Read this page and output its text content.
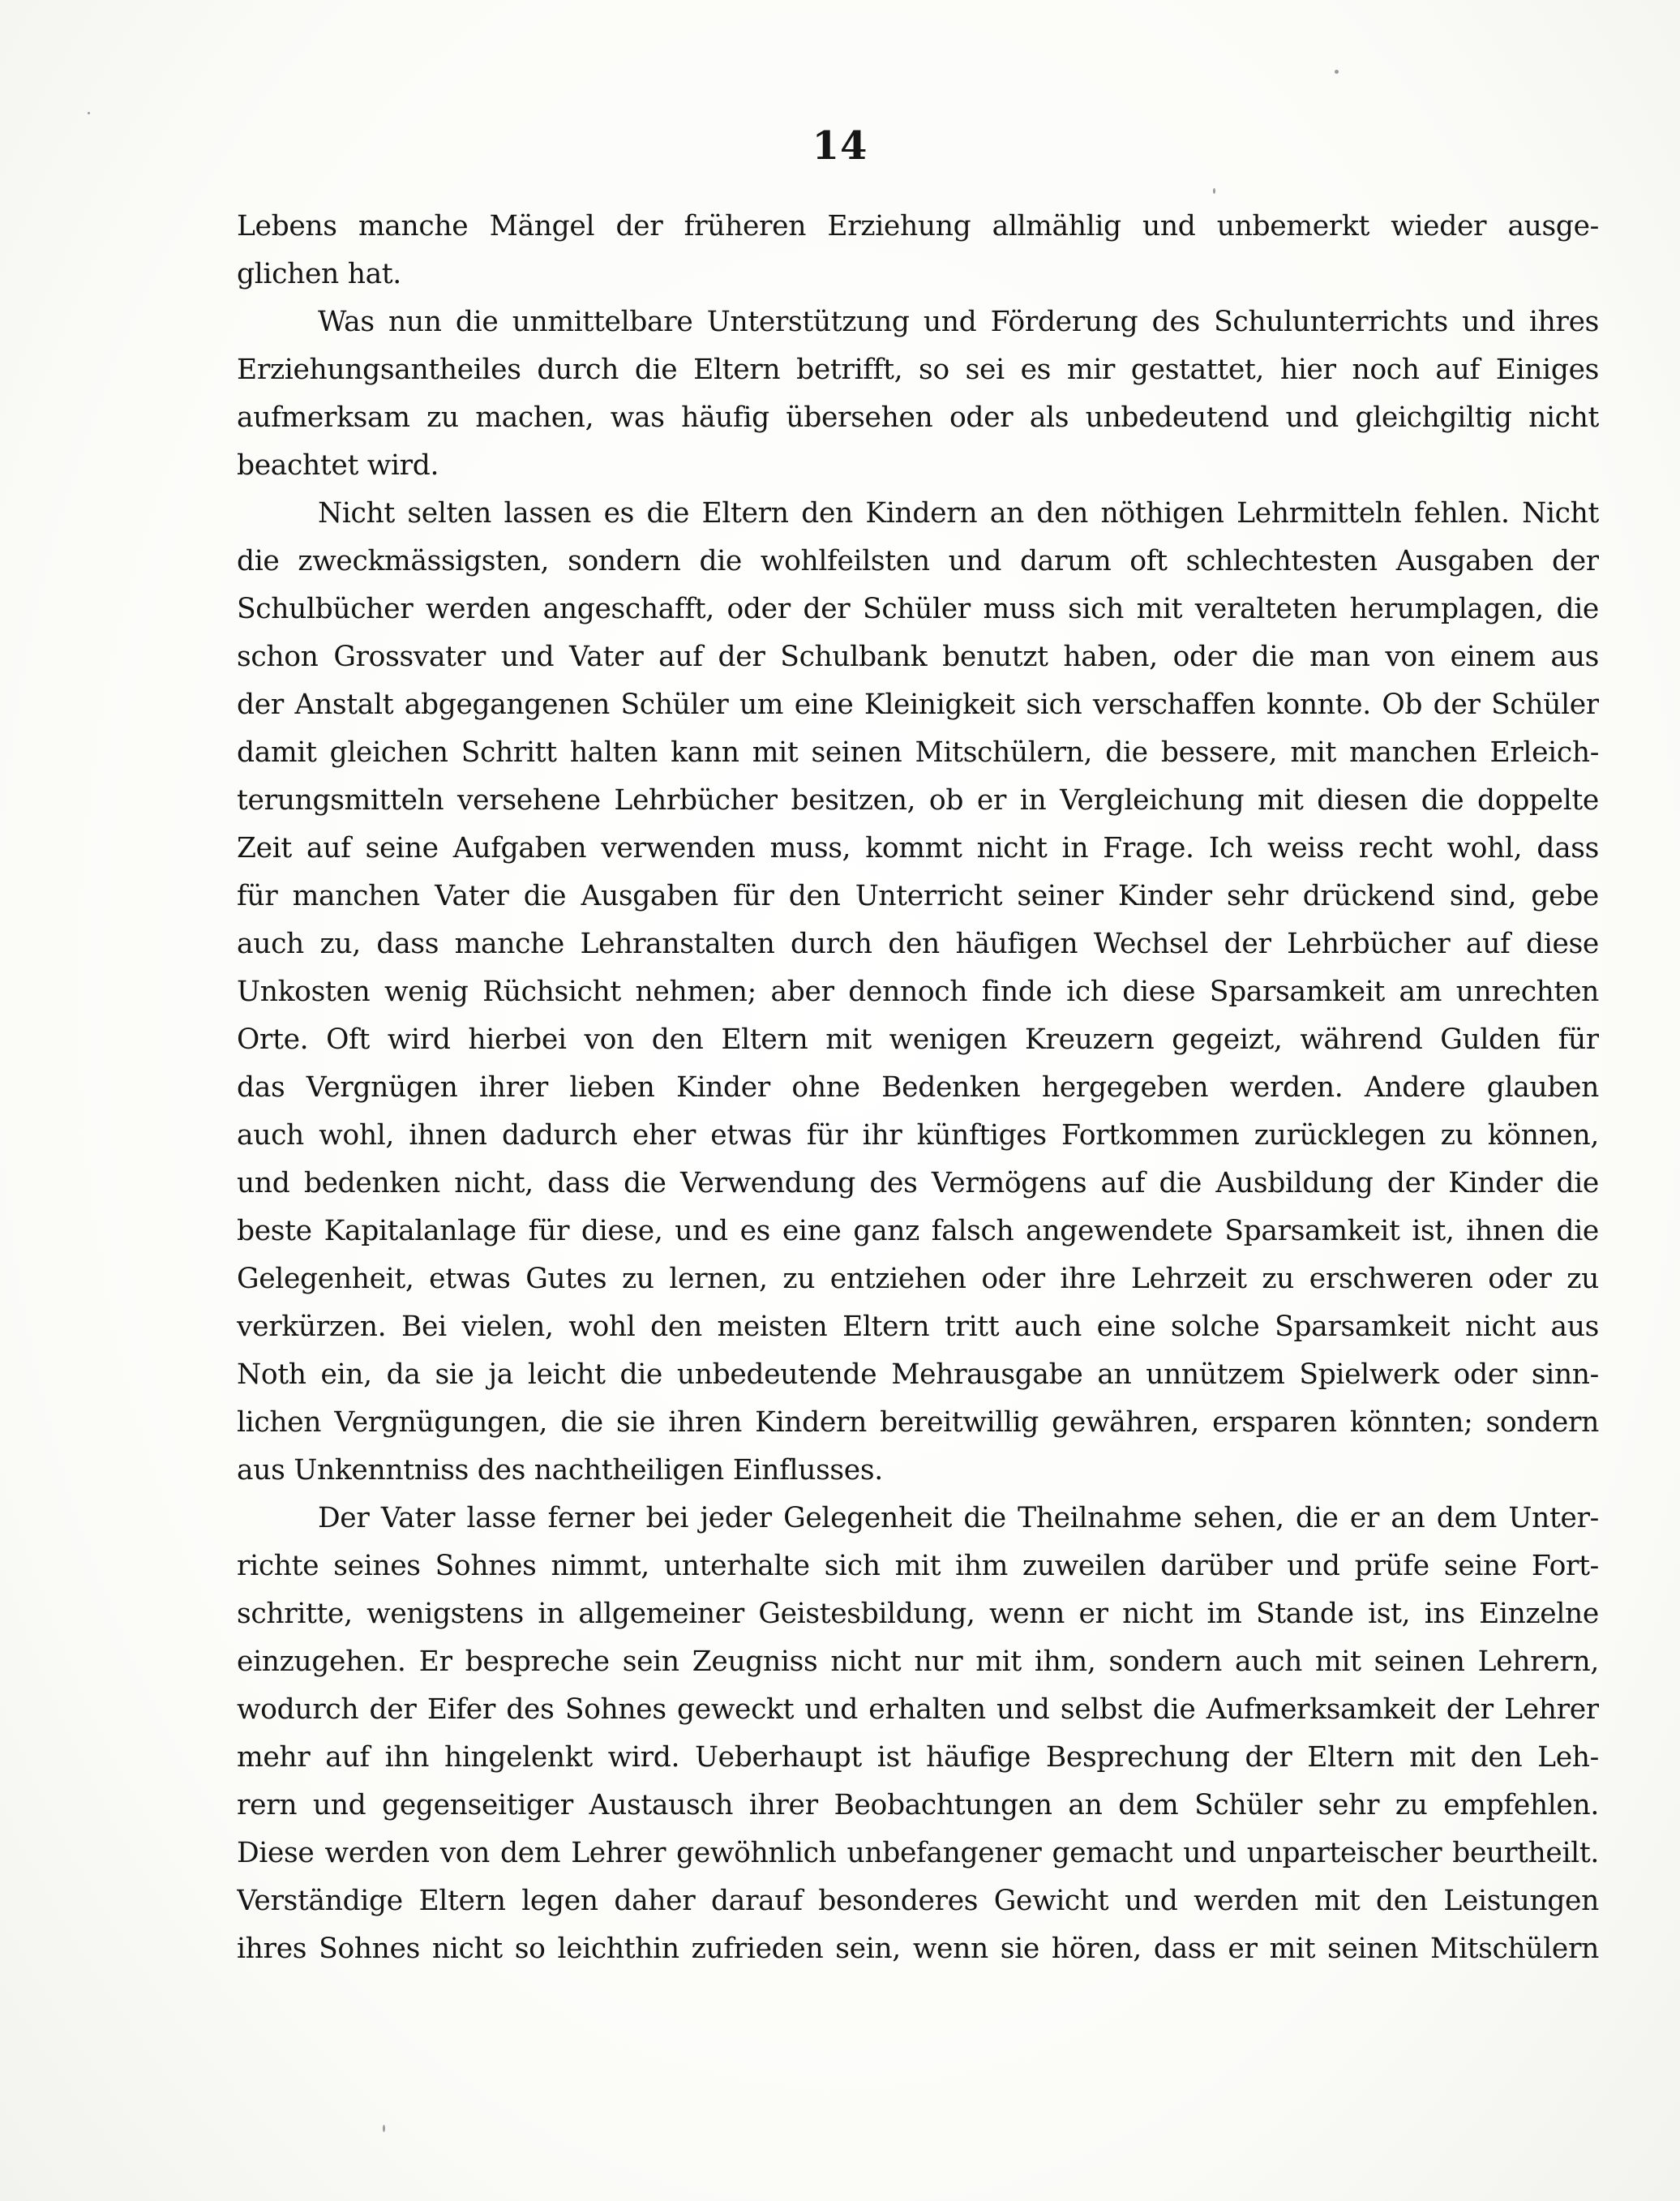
14
Lebens manche Mängel der früheren Erziehung allmählig und unbemerkt wieder ausge-
glichen hat.
Was nun die unmittelbare Unterstützung und Förderung des Schulunterrichts und ihres
Erziehungsantheiles durch die Eltern betrifft, so sei es mir gestattet, hier noch auf Einiges
aufmerksam zu machen, was häufig übersehen oder als unbedeutend und gleichgiltig nicht
beachtet wird.
Nicht selten lassen es die Eltern den Kindern an den nöthigen Lehrmitteln fehlen. Nicht
die zweckmässigsten, sondern die wohlfeilsten und darum oft schlechtesten Ausgaben der
Schulbücher werden angeschafft, oder der Schüler muss sich mit veralteten herumplagen, die
schon Grossvater und Vater auf der Schulbank benutzt haben, oder die man von einem aus
der Anstalt abgegangenen Schüler um eine Kleinigkeit sich verschaffen konnte. Ob der Schüler
damit gleichen Schritt halten kann mit seinen Mitschülern, die bessere, mit manchen Erleich-
terungsmitteln versehene Lehrbücher besitzen, ob er in Vergleichung mit diesen die doppelte
Zeit auf seine Aufgaben verwenden muss, kommt nicht in Frage. Ich weiss recht wohl, dass
für manchen Vater die Ausgaben für den Unterricht seiner Kinder sehr drückend sind, gebe
auch zu, dass manche Lehranstalten durch den häufigen Wechsel der Lehrbücher auf diese
Unkosten wenig Rüchsicht nehmen; aber dennoch finde ich diese Sparsamkeit am unrechten
Orte. Oft wird hierbei von den Eltern mit wenigen Kreuzern gegeizt, während Gulden für
das Vergnügen ihrer lieben Kinder ohne Bedenken hergegeben werden. Andere glauben
auch wohl, ihnen dadurch eher etwas für ihr künftiges Fortkommen zurücklegen zu können,
und bedenken nicht, dass die Verwendung des Vermögens auf die Ausbildung der Kinder die
beste Kapitalanlage für diese, und es eine ganz falsch angewendete Sparsamkeit ist, ihnen die
Gelegenheit, etwas Gutes zu lernen, zu entziehen oder ihre Lehrzeit zu erschweren oder zu
verkürzen. Bei vielen, wohl den meisten Eltern tritt auch eine solche Sparsamkeit nicht aus
Noth ein, da sie ja leicht die unbedeutende Mehrausgabe an unnützem Spielwerk oder sinn-
lichen Vergnügungen, die sie ihren Kindern bereitwillig gewähren, ersparen könnten; sondern
aus Unkenntniss des nachtheiligen Einflusses.
Der Vater lasse ferner bei jeder Gelegenheit die Theilnahme sehen, die er an dem Unter-
richte seines Sohnes nimmt, unterhalte sich mit ihm zuweilen darüber und prüfe seine Fort-
schritte, wenigstens in allgemeiner Geistesbildung, wenn er nicht im Stande ist, ins Einzelne
einzugehen. Er bespreche sein Zeugniss nicht nur mit ihm, sondern auch mit seinen Lehrern,
wodurch der Eifer des Sohnes geweckt und erhalten und selbst die Aufmerksamkeit der Lehrer
mehr auf ihn hingelenkt wird. Ueberhaupt ist häufige Besprechung der Eltern mit den Leh-
rern und gegenseitiger Austausch ihrer Beobachtungen an dem Schüler sehr zu empfehlen.
Diese werden von dem Lehrer gewöhnlich unbefangener gemacht und unparteischer beurtheilt.
Verständige Eltern legen daher darauf besonderes Gewicht und werden mit den Leistungen
ihres Sohnes nicht so leichthin zufrieden sein, wenn sie hören, dass er mit seinen Mitschülern
